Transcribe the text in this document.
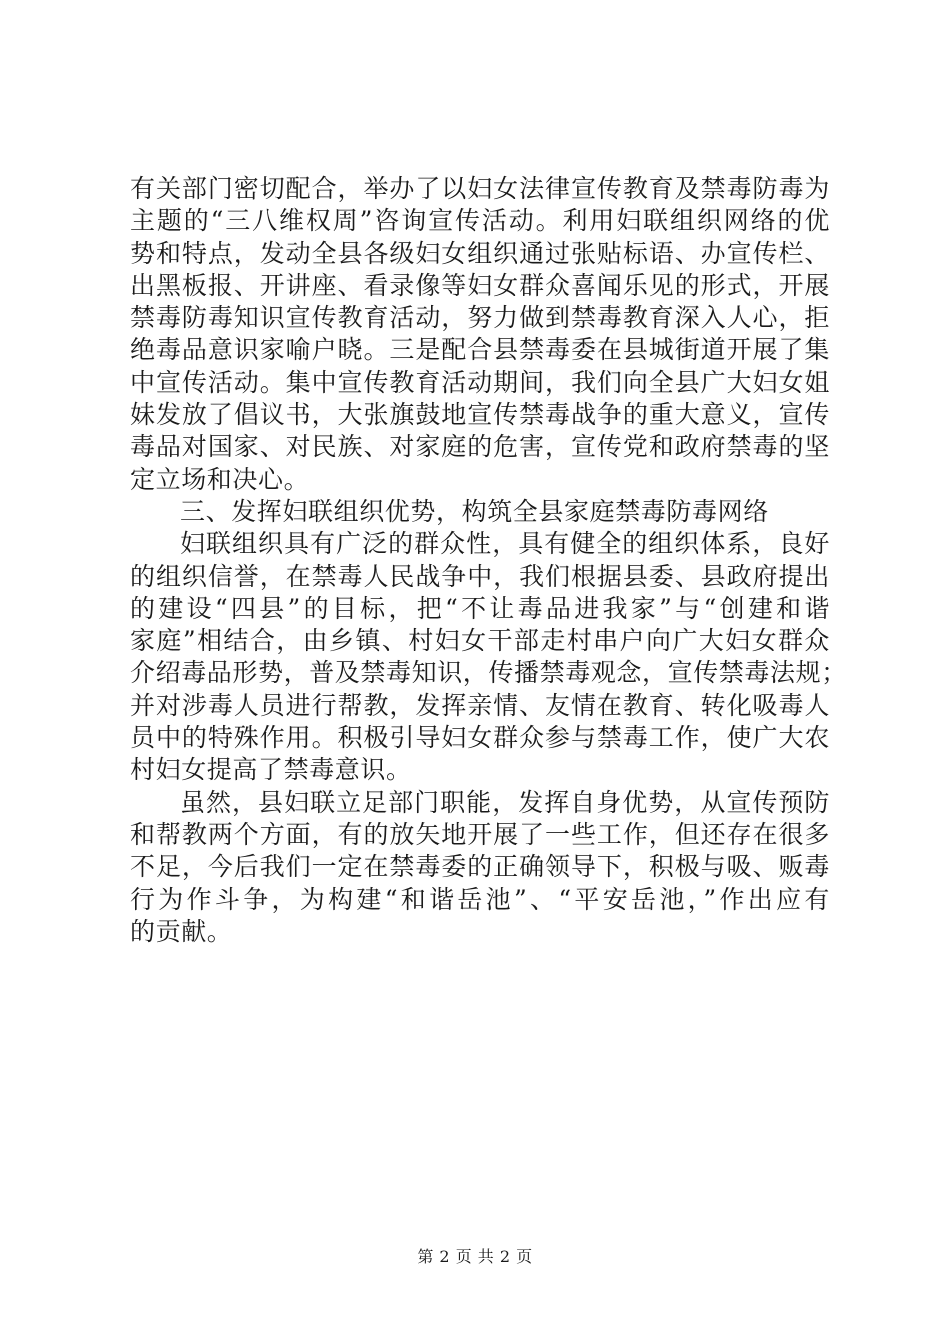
有关部门密切配合，举办了以妇女法律宣传教育及禁毒防毒为
主题的“三八维权周”咨询宣传活动。利用妇联组织网络的优
势和特点，发动全县各级妇女组织通过张贴标语、办宣传栏、
出黑板报、开讲座、看录像等妇女群众喜闻乐见的形式，开展
禁毒防毒知识宣传教育活动，努力做到禁毒教育深入人心，拒
绝毒品意识家喻户晓。三是配合县禁毒委在县城街道开展了集
中宣传活动。集中宣传教育活动期间，我们向全县广大妇女姐
妹发放了倡议书，大张旗鼓地宣传禁毒战争的重大意义，宣传
毒品对国家、对民族、对家庭的危害，宣传党和政府禁毒的坚
定立场和决心。

三、发挥妇联组织优势，构筑全县家庭禁毒防毒网络

妇联组织具有广泛的群众性，具有健全的组织体系，良好
的组织信誉，在禁毒人民战争中，我们根据县委、县政府提出
的建设“四县”的目标，把“不让毒品进我家”与“创建和谐
家庭”相结合，由乡镇、村妇女干部走村串户向广大妇女群众
介绍毒品形势，普及禁毒知识，传播禁毒观念，宣传禁毒法规；
并对涉毒人员进行帮教，发挥亲情、友情在教育、转化吸毒人
员中的特殊作用。积极引导妇女群众参与禁毒工作，使广大农
村妇女提高了禁毒意识。

虽然，县妇联立足部门职能，发挥自身优势，从宣传预防
和帮教两个方面，有的放矢地开展了一些工作，但还存在很多
不足，今后我们一定在禁毒委的正确领导下，积极与吸、贩毒
行为作斗争，为构建“和谐岳池”、“平安岳池，”作出应有
的贡献。

第 2 页 共 2 页
